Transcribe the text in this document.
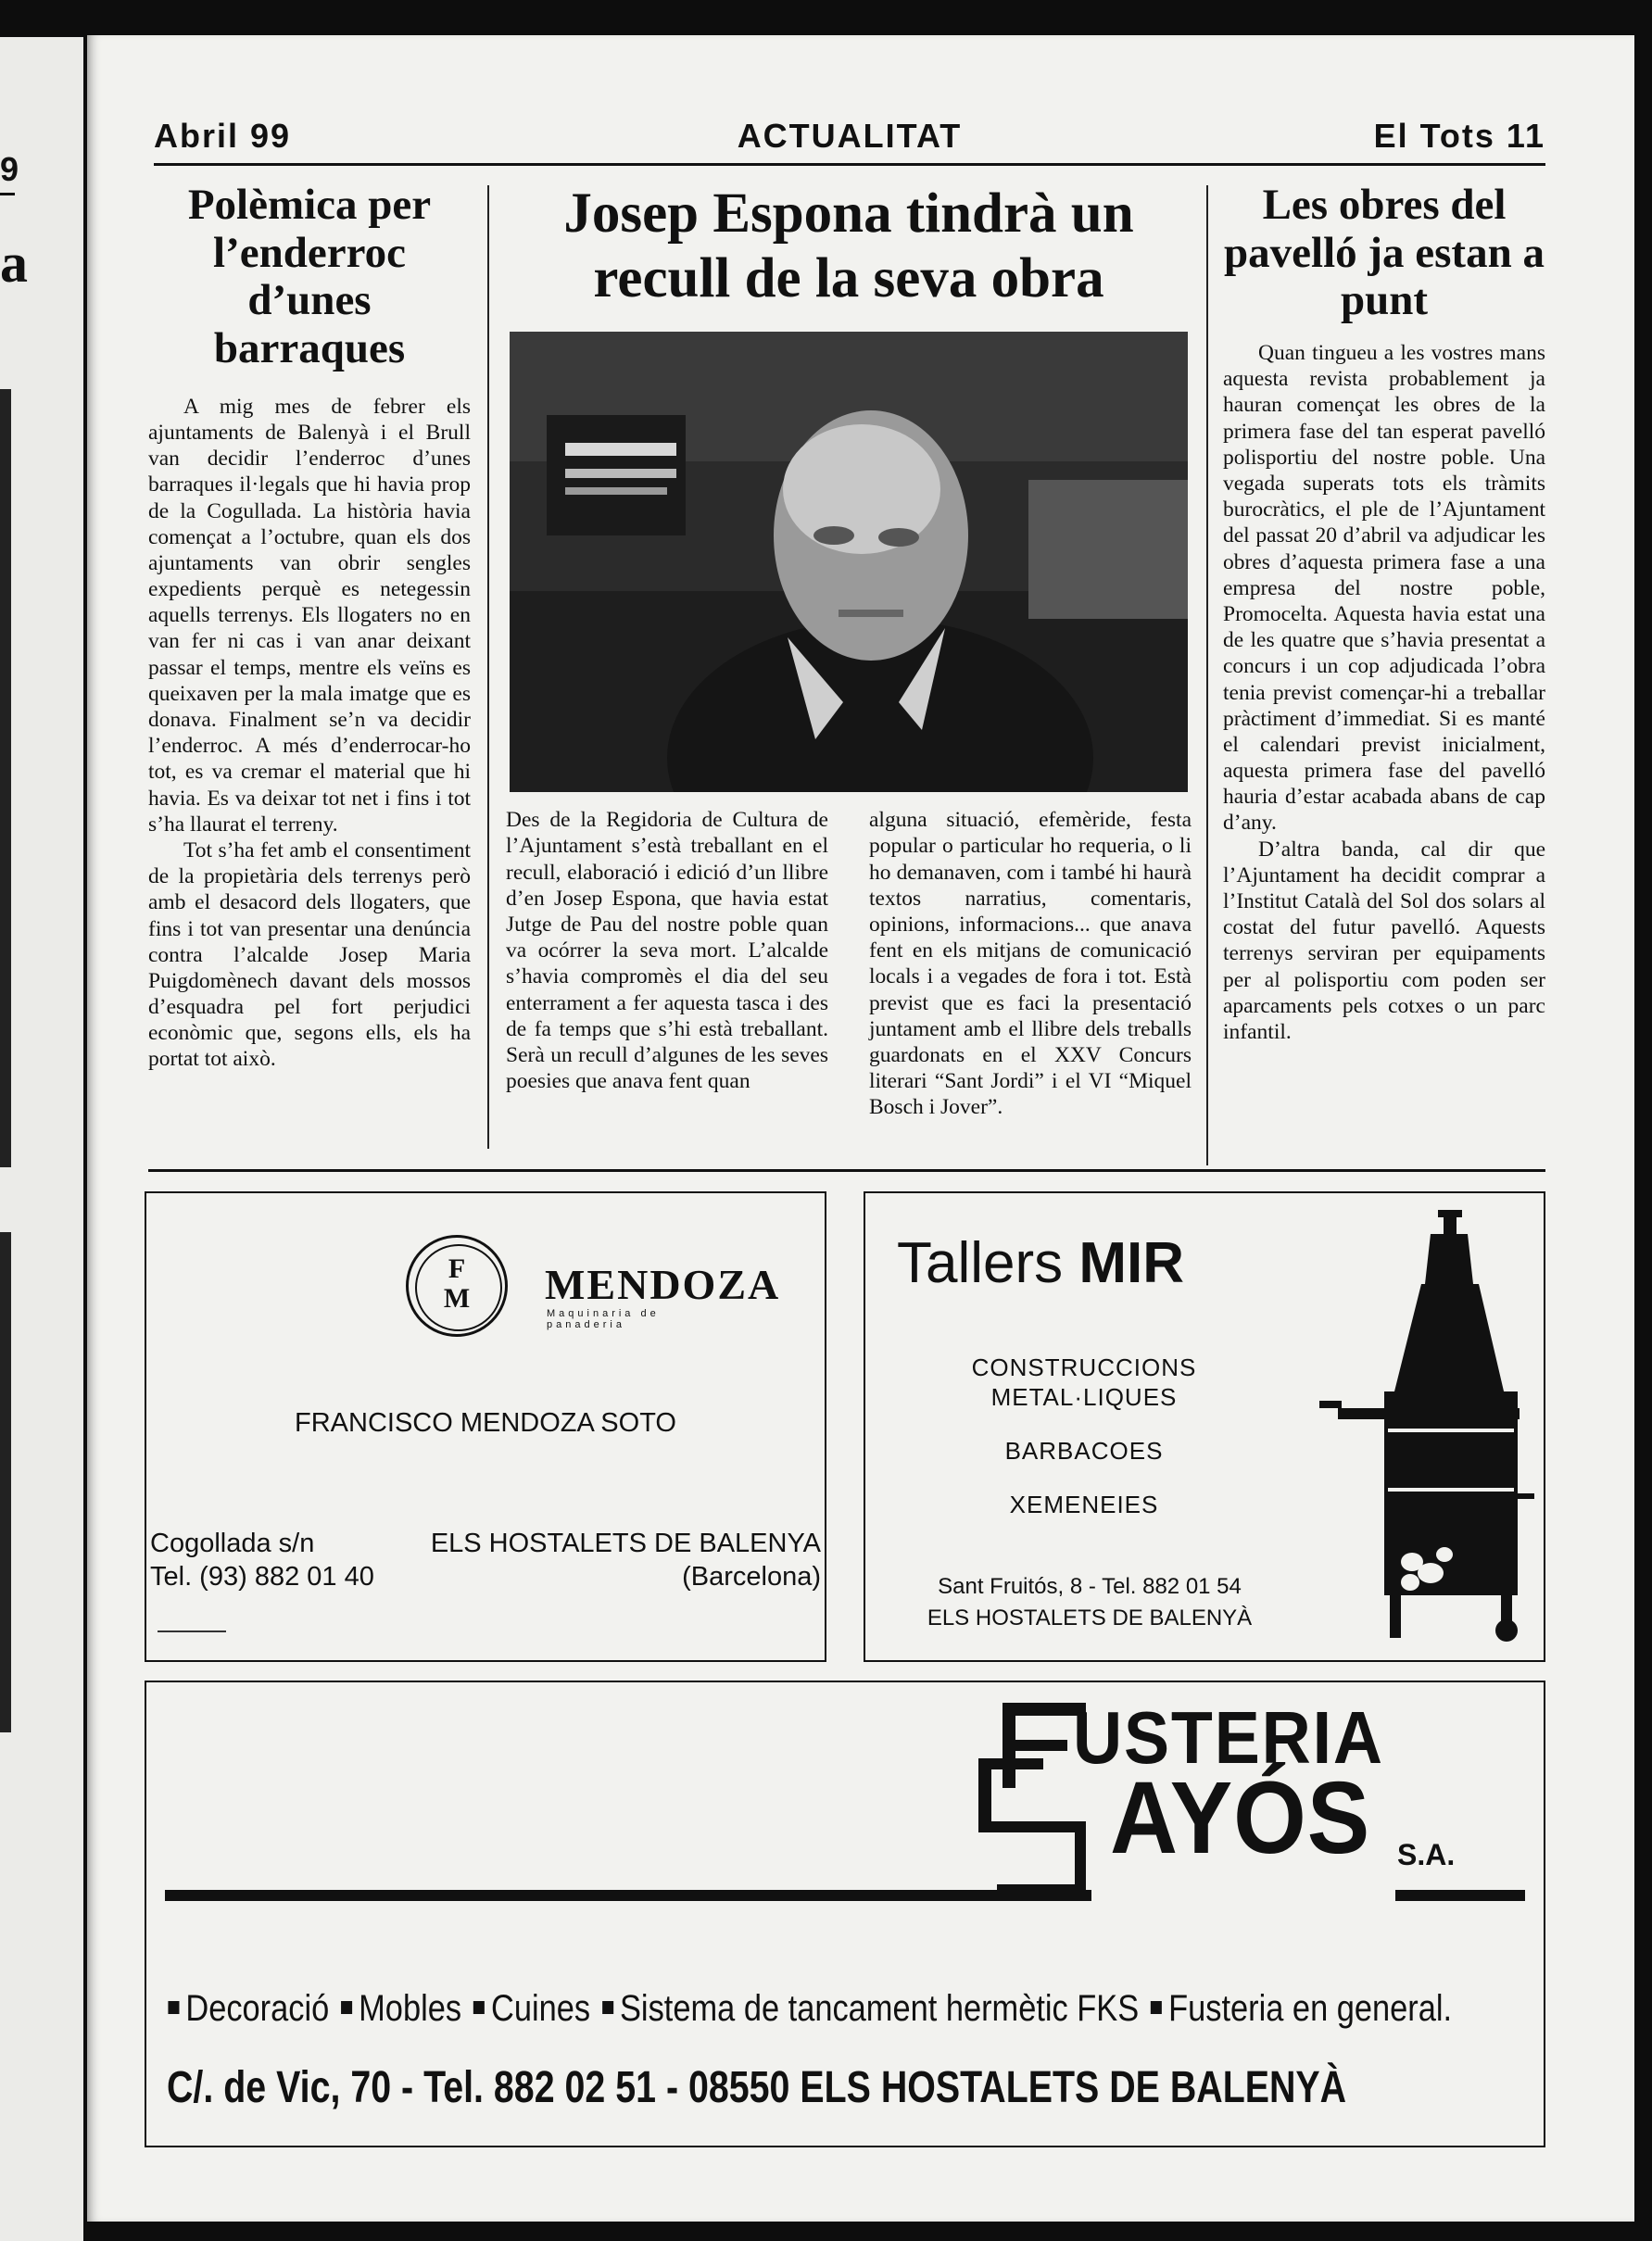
9
a
Abril 99	ACTUALITAT	El Tots 11
Polèmica per l’enderroc d’unes barraques

A mig mes de febrer els ajuntaments de Balenyà i el Brull van decidir l’enderroc d’unes barraques il·legals que hi havia prop de la Cogullada. La història havia començat a l’octubre, quan els dos ajuntaments van obrir sengles expedients perquè es netegessin aquells terrenys. Els llogaters no en van fer ni cas i van anar deixant passar el temps, mentre els veïns es queixaven per la mala imatge que es donava. Finalment se’n va decidir l’enderroc. A més d’enderrocar-ho tot, es va cremar el material que hi havia. Es va deixar tot net i fins i tot s’ha llaurat el terreny.

Tot s’ha fet amb el consentiment de la propietària dels terrenys però amb el desacord dels llogaters, que fins i tot van presentar una denúncia contra l’alcalde Josep Maria Puigdomènech davant dels mossos d’esquadra pel fort perjudici econòmic que, segons ells, els ha portat tot això.

Josep Espona tindrà un recull de la seva obra
Des de la Regidoria de Cultura de l’Ajuntament s’està treballant en el recull, elaboració i edició d’un llibre d’en Josep Espona, que havia estat Jutge de Pau del nostre poble quan va ocórrer la seva mort. L’alcalde s’havia compromès el dia del seu enterrament a fer aquesta tasca i des de fa temps que s’hi està treballant. Serà un recull d’algunes de les seves poesies que anava fent quan
alguna situació, efemèride, festa popular o particular ho requeria, o li ho demanaven, com i també hi haurà textos narratius, comentaris, opinions, informacions... que anava fent en els mitjans de comunicació locals i a vegades de fora i tot. Està previst que es faci la presentació juntament amb el llibre dels treballs guardonats en el XXV Concurs literari “Sant Jordi” i el VI “Miquel Bosch i Jover”.
Les obres del pavelló ja estan a punt

Quan tingueu a les vostres mans aquesta revista probablement ja hauran començat les obres de la primera fase del tan esperat pavelló polisportiu del nostre poble. Una vegada superats tots els tràmits burocràtics, el ple de l’Ajuntament del passat 20 d’abril va adjudicar les obres d’aquesta primera fase a una empresa del nostre poble, Promocelta. Aquesta havia estat una de les quatre que s’havia presentat a concurs i un cop adjudicada l’obra tenia previst començar-hi a treballar pràctiment d’immediat. Si es manté el calendari previst inicialment, aquesta primera fase del pavelló hauria d’estar acabada abans de cap d’any.

D’altra banda, cal dir que l’Ajuntament ha decidit comprar a l’Institut Català del Sol dos solars al costat del futur pavelló. Aquests terrenys serviran per equipaments per al polisportiu com poden ser aparcaments pels cotxes o un parc infantil.

F
M	MENDOZA
Maquinaria de panaderia
FRANCISCO MENDOZA SOTO
Cogollada s/n
Tel. (93) 882 01 40
ELS HOSTALETS DE BALENYA
(Barcelona)
Tallers MIR
CONSTRUCCIONS METAL·LIQUES
BARBACOES
XEMENEIES
Sant Fruitós, 8 - Tel. 882 01 54
ELS HOSTALETS DE BALENYÀ
USTERIA
AYÓS S.A.
Decoració Mobles Cuines Sistema de tancament hermètic FKS Fusteria en general.
C/. de Vic, 70 - Tel. 882 02 51 - 08550 ELS HOSTALETS DE BALENYÀ
